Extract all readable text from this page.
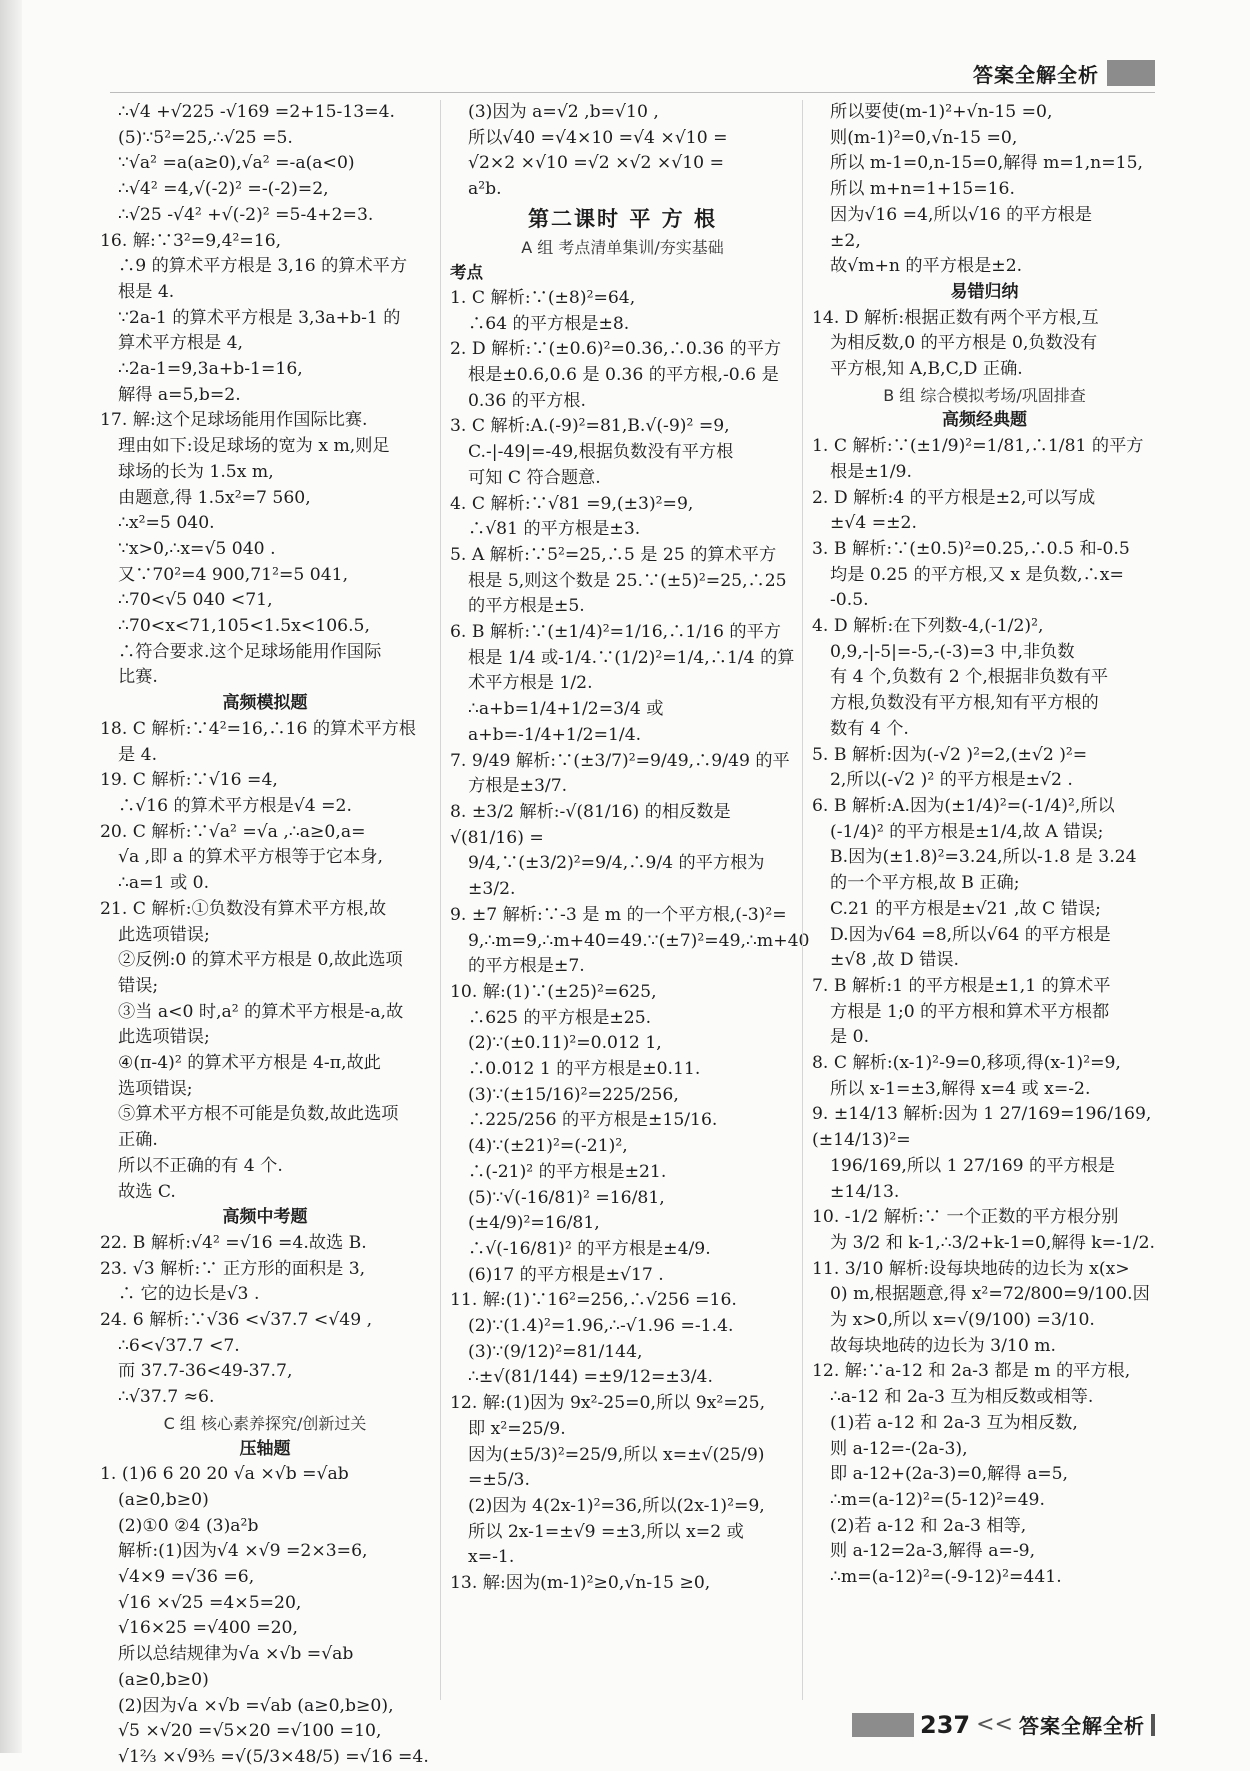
答案全解全析

∴√4 +√225 -√169 =2+15-13=4.

(5)∵5²=25,∴√25 =5.

∵√a² =a(a≥0),√a² =-a(a<0)

∴√4² =4,√(-2)² =-(-2)=2,

∴√25 -√4² +√(-2)² =5-4+2=3.

16. 解:∵3²=9,4²=16,

∴9 的算术平方根是 3,16 的算术平方

根是 4.

∵2a-1 的算术平方根是 3,3a+b-1 的

算术平方根是 4,

∴2a-1=9,3a+b-1=16,

解得 a=5,b=2.

17. 解:这个足球场能用作国际比赛.

理由如下:设足球场的宽为 x m,则足

球场的长为 1.5x m,

由题意,得 1.5x²=7 560,

∴x²=5 040.

∵x>0,∴x=√5 040 .

又∵70²=4 900,71²=5 041,

∴70<√5 040 <71,

∴70<x<71,105<1.5x<106.5,

∴符合要求.这个足球场能用作国际

比赛.

高频模拟题

18. C 解析:∵4²=16,∴16 的算术平方根

是 4.

19. C 解析:∵√16 =4,

∴√16 的算术平方根是√4 =2.

20. C 解析:∵√a² =√a ,∴a≥0,a=

√a ,即 a 的算术平方根等于它本身,

∴a=1 或 0.

21. C 解析:①负数没有算术平方根,故

此选项错误;

②反例:0 的算术平方根是 0,故此选项

错误;

③当 a<0 时,a² 的算术平方根是-a,故

此选项错误;

④(π-4)² 的算术平方根是 4-π,故此

选项错误;

⑤算术平方根不可能是负数,故此选项

正确.

所以不正确的有 4 个.

故选 C.

高频中考题

22. B 解析:√4² =√16 =4.故选 B.

23. √3 解析:∵ 正方形的面积是 3,

∴ 它的边长是√3 .

24. 6 解析:∵√36 <√37.7 <√49 ,

∴6<√37.7 <7.

而 37.7-36<49-37.7,

∴√37.7 ≈6.

C 组 核心素养探究/创新过关

压轴题

1. (1)6 6 20 20 √a ×√b =√ab

(a≥0,b≥0)

(2)①0 ②4 (3)a²b

解析:(1)因为√4 ×√9 =2×3=6,

√4×9 =√36 =6,

√16 ×√25 =4×5=20,

√16×25 =√400 =20,

所以总结规律为√a ×√b =√ab

(a≥0,b≥0)

(2)因为√a ×√b =√ab (a≥0,b≥0),

√5 ×√20 =√5×20 =√100 =10,

√1⅔ ×√9⅗ =√(5/3×48/5) =√16 =4.

(3)因为 a=√2 ,b=√10 ,

所以√40 =√4×10 =√4 ×√10 =

√2×2 ×√10 =√2 ×√2 ×√10 =

a²b.

第二课时 平 方 根

A 组 考点清单集训/夯实基础

考点

1. C 解析:∵(±8)²=64,

∴64 的平方根是±8.

2. D 解析:∵(±0.6)²=0.36,∴0.36 的平方

根是±0.6,0.6 是 0.36 的平方根,-0.6 是

0.36 的平方根.

3. C 解析:A.(-9)²=81,B.√(-9)² =9,

C.-|-49|=-49,根据负数没有平方根

可知 C 符合题意.

4. C 解析:∵√81 =9,(±3)²=9,

∴√81 的平方根是±3.

5. A 解析:∵5²=25,∴5 是 25 的算术平方

根是 5,则这个数是 25.∵(±5)²=25,∴25

的平方根是±5.

6. B 解析:∵(±1/4)²=1/16,∴1/16 的平方

根是 1/4 或-1/4.∵(1/2)²=1/4,∴1/4 的算

术平方根是 1/2.

∴a+b=1/4+1/2=3/4 或 a+b=-1/4+1/2=1/4.

7. 9/49 解析:∵(±3/7)²=9/49,∴9/49 的平

方根是±3/7.

8. ±3/2 解析:-√(81/16) 的相反数是√(81/16) =

9/4,∵(±3/2)²=9/4,∴9/4 的平方根为±3/2.

9. ±7 解析:∵-3 是 m 的一个平方根,(-3)²=

9,∴m=9,∴m+40=49.∵(±7)²=49,∴m+40

的平方根是±7.

10. 解:(1)∵(±25)²=625,

∴625 的平方根是±25.

(2)∵(±0.11)²=0.012 1,

∴0.012 1 的平方根是±0.11.

(3)∵(±15/16)²=225/256,

∴225/256 的平方根是±15/16.

(4)∵(±21)²=(-21)²,

∴(-21)² 的平方根是±21.

(5)∵√(-16/81)² =16/81,(±4/9)²=16/81,

∴√(-16/81)² 的平方根是±4/9.

(6)17 的平方根是±√17 .

11. 解:(1)∵16²=256,∴√256 =16.

(2)∵(1.4)²=1.96,∴-√1.96 =-1.4.

(3)∵(9/12)²=81/144,

∴±√(81/144) =±9/12=±3/4.

12. 解:(1)因为 9x²-25=0,所以 9x²=25,

即 x²=25/9.

因为(±5/3)²=25/9,所以 x=±√(25/9) =±5/3.

(2)因为 4(2x-1)²=36,所以(2x-1)²=9,

所以 2x-1=±√9 =±3,所以 x=2 或 x=-1.

13. 解:因为(m-1)²≥0,√n-15 ≥0,

所以要使(m-1)²+√n-15 =0,

则(m-1)²=0,√n-15 =0,

所以 m-1=0,n-15=0,解得 m=1,n=15,

所以 m+n=1+15=16.

因为√16 =4,所以√16 的平方根是

±2,

故√m+n 的平方根是±2.

易错归纳

14. D 解析:根据正数有两个平方根,互

为相反数,0 的平方根是 0,负数没有

平方根,知 A,B,C,D 正确.

B 组 综合模拟考场/巩固排查

高频经典题

1. C 解析:∵(±1/9)²=1/81,∴1/81 的平方

根是±1/9.

2. D 解析:4 的平方根是±2,可以写成

±√4 =±2.

3. B 解析:∵(±0.5)²=0.25,∴0.5 和-0.5

均是 0.25 的平方根,又 x 是负数,∴x=

-0.5.

4. D 解析:在下列数-4,(-1/2)²,

0,9,-|-5|=-5,-(-3)=3 中,非负数

有 4 个,负数有 2 个,根据非负数有平

方根,负数没有平方根,知有平方根的

数有 4 个.

5. B 解析:因为(-√2 )²=2,(±√2 )²=

2,所以(-√2 )² 的平方根是±√2 .

6. B 解析:A.因为(±1/4)²=(-1/4)²,所以

(-1/4)² 的平方根是±1/4,故 A 错误;

B.因为(±1.8)²=3.24,所以-1.8 是 3.24

的一个平方根,故 B 正确;

C.21 的平方根是±√21 ,故 C 错误;

D.因为√64 =8,所以√64 的平方根是

±√8 ,故 D 错误.

7. B 解析:1 的平方根是±1,1 的算术平

方根是 1;0 的平方根和算术平方根都

是 0.

8. C 解析:(x-1)²-9=0,移项,得(x-1)²=9,

所以 x-1=±3,解得 x=4 或 x=-2.

9. ±14/13 解析:因为 1 27/169=196/169,(±14/13)²=

196/169,所以 1 27/169 的平方根是±14/13.

10. -1/2 解析:∵ 一个正数的平方根分别

为 3/2 和 k-1,∴3/2+k-1=0,解得 k=-1/2.

11. 3/10 解析:设每块地砖的边长为 x(x>

0) m,根据题意,得 x²=72/800=9/100.因

为 x>0,所以 x=√(9/100) =3/10.

故每块地砖的边长为 3/10 m.

12. 解:∵a-12 和 2a-3 都是 m 的平方根,

∴a-12 和 2a-3 互为相反数或相等.

(1)若 a-12 和 2a-3 互为相反数,

则 a-12=-(2a-3),

即 a-12+(2a-3)=0,解得 a=5,

∴m=(a-12)²=(5-12)²=49.

(2)若 a-12 和 2a-3 相等,

则 a-12=2a-3,解得 a=-9,

∴m=(a-12)²=(-9-12)²=441.

237 << 答案全解全析
